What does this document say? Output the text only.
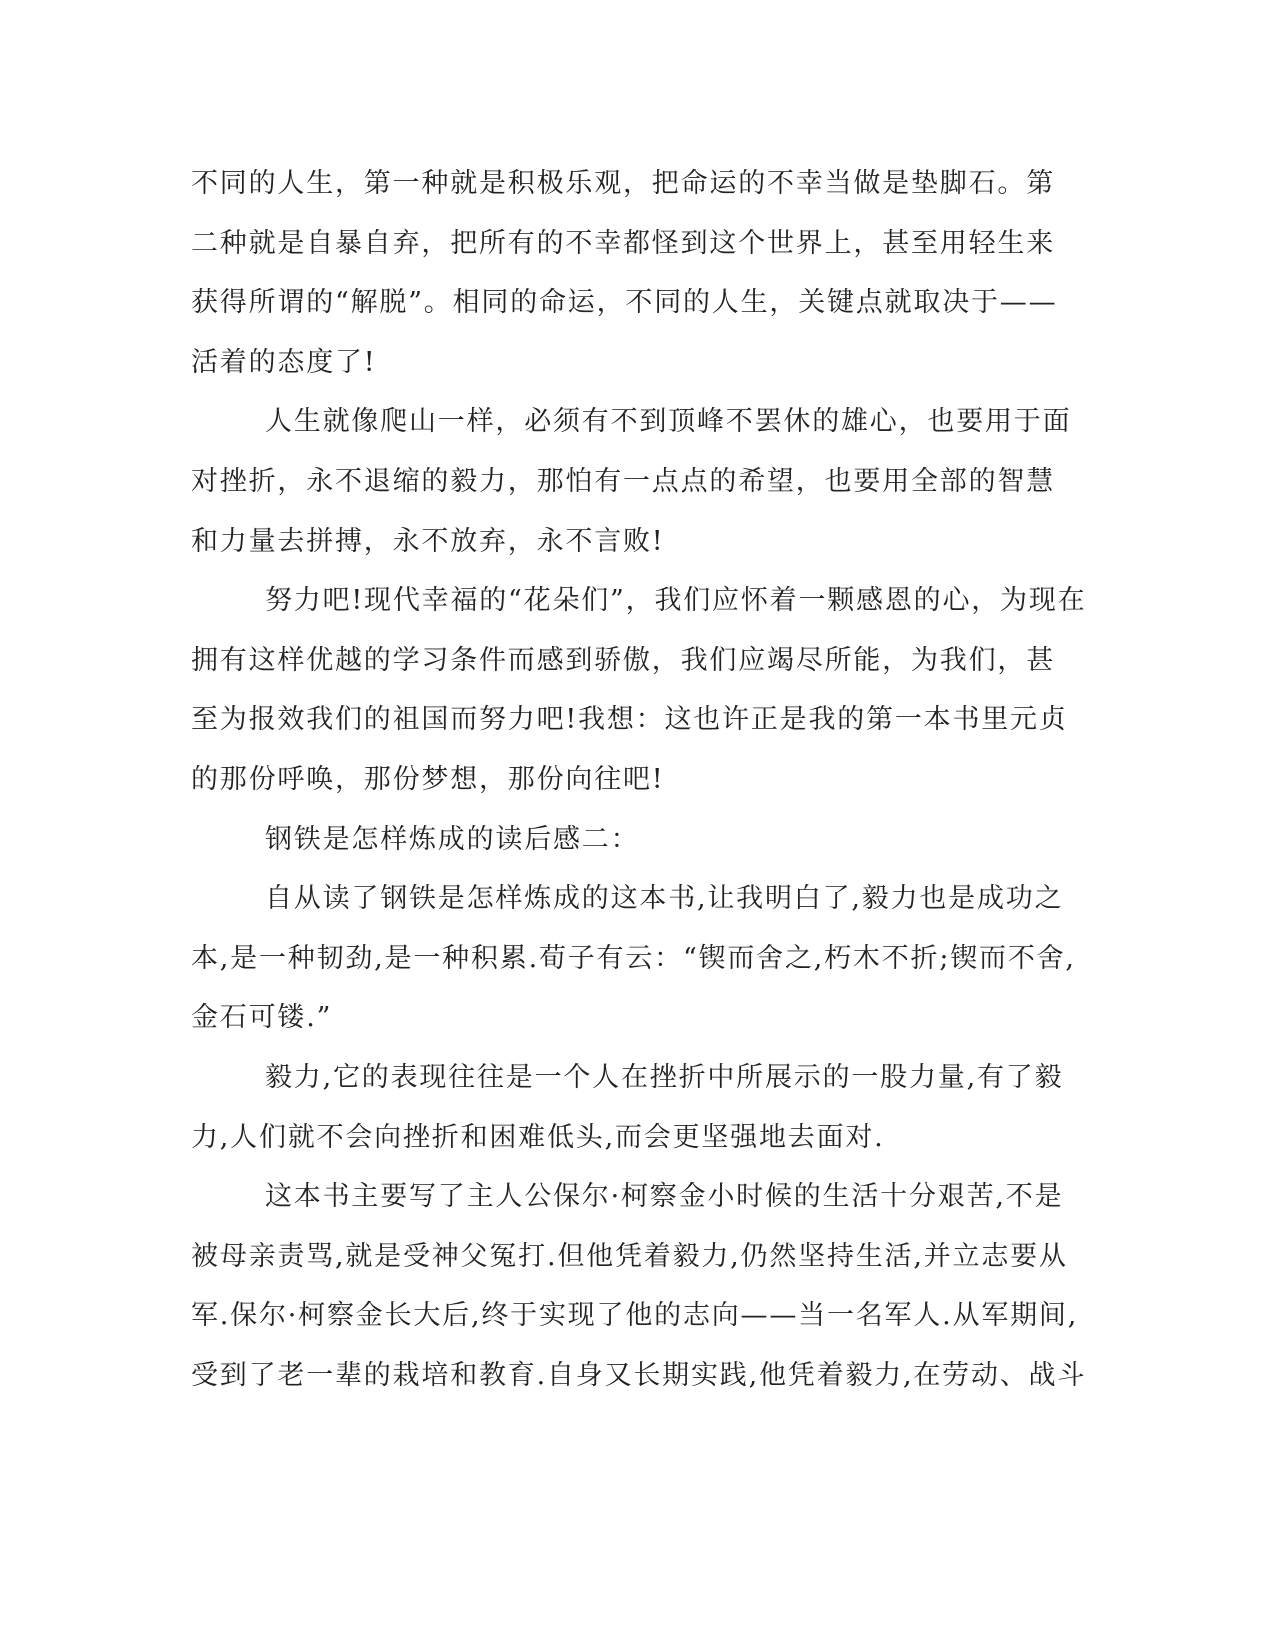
不同的人生，第一种就是积极乐观，把命运的不幸当做是垫脚石。第
二种就是自暴自弃，把所有的不幸都怪到这个世界上，甚至用轻生来
获得所谓的“解脱”。相同的命运，不同的人生，关键点就取决于——
活着的态度了!
人生就像爬山一样，必须有不到顶峰不罢休的雄心，也要用于面
对挫折，永不退缩的毅力，那怕有一点点的希望，也要用全部的智慧
和力量去拼搏，永不放弃，永不言败!
努力吧!现代幸福的“花朵们”，我们应怀着一颗感恩的心，为现在
拥有这样优越的学习条件而感到骄傲，我们应竭尽所能，为我们，甚
至为报效我们的祖国而努力吧!我想：这也许正是我的第一本书里元贞
的那份呼唤，那份梦想，那份向往吧!
钢铁是怎样炼成的读后感二：
自从读了钢铁是怎样炼成的这本书,让我明白了,毅力也是成功之
本,是一种韧劲,是一种积累.荀子有云：“锲而舍之,朽木不折;锲而不舍,
金石可镂.”
毅力,它的表现往往是一个人在挫折中所展示的一股力量,有了毅
力,人们就不会向挫折和困难低头,而会更坚强地去面对.
这本书主要写了主人公保尔·柯察金小时候的生活十分艰苦,不是
被母亲责骂,就是受神父冤打.但他凭着毅力,仍然坚持生活,并立志要从
军.保尔·柯察金长大后,终于实现了他的志向——当一名军人.从军期间,
受到了老一辈的栽培和教育.自身又长期实践,他凭着毅力,在劳动、战斗
